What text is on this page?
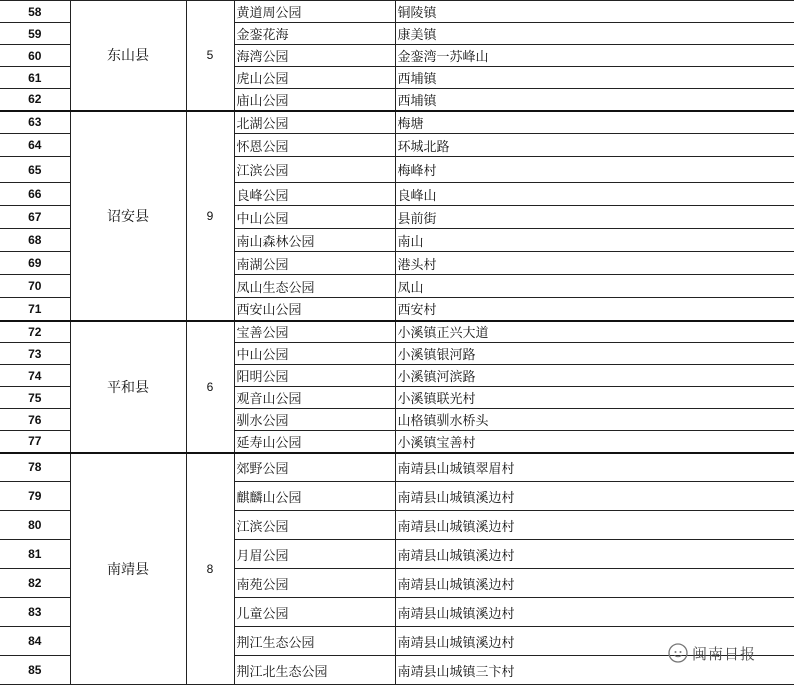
58	东山县	5	黄道周公园	铜陵镇
59			金銮花海	康美镇
60			海湾公园	金銮湾一苏峰山
61			虎山公园	西埔镇
62			庙山公园	西埔镇
63	诏安县	9	北湖公园	梅塘
64			怀恩公园	环城北路
65			江滨公园	梅峰村
66			良峰公园	良峰山
67			中山公园	县前街
68			南山森林公园	南山
69			南湖公园	港头村
70			凤山生态公园	凤山
71			西安山公园	西安村
72	平和县	6	宝善公园	小溪镇正兴大道
73			中山公园	小溪镇银河路
74			阳明公园	小溪镇河滨路
75			观音山公园	小溪镇联光村
76			驯水公园	山格镇驯水桥头
77			延寿山公园	小溪镇宝善村
78	南靖县	8	郊野公园	南靖县山城镇翠眉村
79			麒麟山公园	南靖县山城镇溪边村
80			江滨公园	南靖县山城镇溪边村
81			月眉公园	南靖县山城镇溪边村
82			南苑公园	南靖县山城镇溪边村
83			儿童公园	南靖县山城镇溪边村
84			荆江生态公园	南靖县山城镇溪边村
85			荆江北生态公园	南靖县山城镇三卞村
闽南日报
